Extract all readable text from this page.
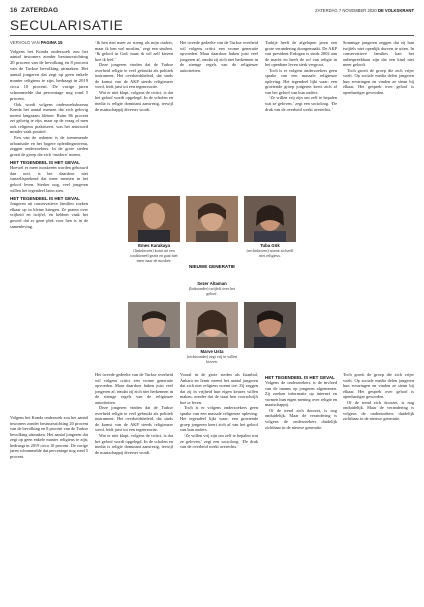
16 ZATERDAG	ZATERDAG 7 NOVEMBER 2020 DE VOLKSKRANT
SECULARISATIE
VERVOLG VAN PAGINA 15

Volgens het Konda onderzoek zou het aantal inwoners zonder bestuursrichting 20 procent van de bevolking en 8 procent van de Turkse bevolking uitmaken. Het aantal jongeren dat zegt op geen enkele manier religieus te zijn, bedraagt in 2019 circa 10 procent. De vorige jaren schommelde dat percentage nog rond 5 procent.

Ook wordt volgens onderzoeksbureau Konda het aantal mensen dat zich gelovig noemt langzaam kleiner. Ruim 86 procent zei gelovig te zijn, maar op de vraag of men ook religieus praktiseert, was het antwoord minder vaak positief.

Een van de redenen is de toenemende urbanisatie en het hogere opleidingsniveau, zeggen onderzoekers. In de grote steden groeit de groep die zich ‘modern’ noemt.

HET TEGENDEEL IS HET GEVAL

Hoewel er meer moskeeën worden gebouwd dan ooit, is het daardoor niet vanzelfsprekend dat meer mensen in het geloof leven. Sterker nog, veel jongeren willen het tegendeel laten zien.

HET TEGENDEEL IS HET GEVAL

Jongeren uit conservatieve families zoeken elkaar op in kleine kringen. Ze praten over vrijheid en twijfel, en hebben vaak het gevoel dat er geen plek voor hen is in de samenleving.

‘Ik ben niet meer zo streng als mijn ouders, maar ik ben wel moslim,’ zegt een student. ‘Ik geloof in God, maar ik wil zelf kiezen hoe ik leef.’

Deze jongeren vinden dat de Turkse overheid religie te veel gebruikt als politiek instrument. Het overheidsbeleid, dat sinds de komst van de AKP steeds religieuzer werd, leidt juist tot een tegenreactie.

Wat er niet klopt, volgens de critici, is dat het geloof wordt opgelegd. In de scholen en media is religie dominant aanwezig, terwijl de maatschappij diverser wordt.

Het tweede gedeelte van de Turkse overheid wil volgens critici een vrome generatie opvoeden. Maar daardoor haken juist veel jongeren af, omdat zij zich niet herkennen in de strenge regels van de religieuze autoriteiten.

Turkije heeft de afgelopen jaren een grote verandering doorgemaakt. De AKP van president Erdogan is sinds 2002 aan de macht en heeft de rol van religie in het openbare leven sterk vergroot.

Toch is er volgens onderzoekers geen sprake van een massale religieuze opleving. Het tegendeel lijkt waar: een groeiende groep jongeren keert zich af van het geloof van hun ouders.

‘Ze willen vrij zijn om zelf te bepalen wat ze geloven,’ zegt een socioloog. ‘De druk van de overheid werkt averechts.’

Sommige jongeren zeggen dat zij hun twijfels niet openlijk durven te uiten. In conservatieve families kan het onbespreekbaar zijn dat een kind niet meer gelooft.

Toch groeit de groep die zich vrijer voelt. Op sociale media delen jongeren hun ervaringen en vinden ze steun bij elkaar. Het gesprek over geloof is openhartiger geworden.

Emes Karakaya
(linksboven) komt uit een traditioneel gezin en gaat niet meer naar de moskee.
Tuba Gök
(rechtsboven) noemt zichzelf niet religieus.
NIEUWE GENERATIE
Sezer Altaman
(linksonder) twijfelt over het geloof.
Marve Usta
(rechtsonder) zegt vrij te willen kiezen.

Volgens het Konda onderzoek zou het aantal inwoners zonder bestuursrichting 20 procent van de bevolking en 8 procent van de Turkse bevolking uitmaken. Het aantal jongeren dat zegt op geen enkele manier religieus te zijn, bedraagt in 2019 circa 10 procent. De vorige jaren schommelde dat percentage nog rond 5 procent.

Het tweede gedeelte van de Turkse overheid wil volgens critici een vrome generatie opvoeden. Maar daardoor haken juist veel jongeren af, omdat zij zich niet herkennen in de strenge regels van de religieuze autoriteiten.

Deze jongeren vinden dat de Turkse overheid religie te veel gebruikt als politiek instrument. Het overheidsbeleid, dat sinds de komst van de AKP steeds religieuzer werd, leidt juist tot een tegenreactie.

Wat er niet klopt, volgens de critici, is dat het geloof wordt opgelegd. In de scholen en media is religie dominant aanwezig, terwijl de maatschappij diverser wordt.

Vooral in de grote steden als Istanbul, Ankara en Izmir neemt het aantal jongeren dat zich niet religieus noemt toe. Zij zeggen dat zij in vrijheid hun eigen keuzes willen maken, zonder dat de staat hen voorschrijft hoe te leven.

Toch is er volgens onderzoekers geen sprake van een massale religieuze opleving. Het tegendeel lijkt waar: een groeiende groep jongeren keert zich af van het geloof van hun ouders.

‘Ze willen vrij zijn om zelf te bepalen wat ze geloven,’ zegt een socioloog. ‘De druk van de overheid werkt averechts.’

HET TEGENDEEL IS HET GEVAL

Volgens de onderzoekers is de invloed van de imams op jongeren afgenomen. Zij zoeken informatie op internet en vormen hun eigen mening over religie en maatschappij.

Of de trend zich doorzet, is nog onduidelijk. Maar de verandering is volgens de onderzoekers duidelijk zichtbaar in de nieuwe generatie.

Toch groeit de groep die zich vrijer voelt. Op sociale media delen jongeren hun ervaringen en vinden ze steun bij elkaar. Het gesprek over geloof is openhartiger geworden.

Of de trend zich doorzet, is nog onduidelijk. Maar de verandering is volgens de onderzoekers duidelijk zichtbaar in de nieuwe generatie.
